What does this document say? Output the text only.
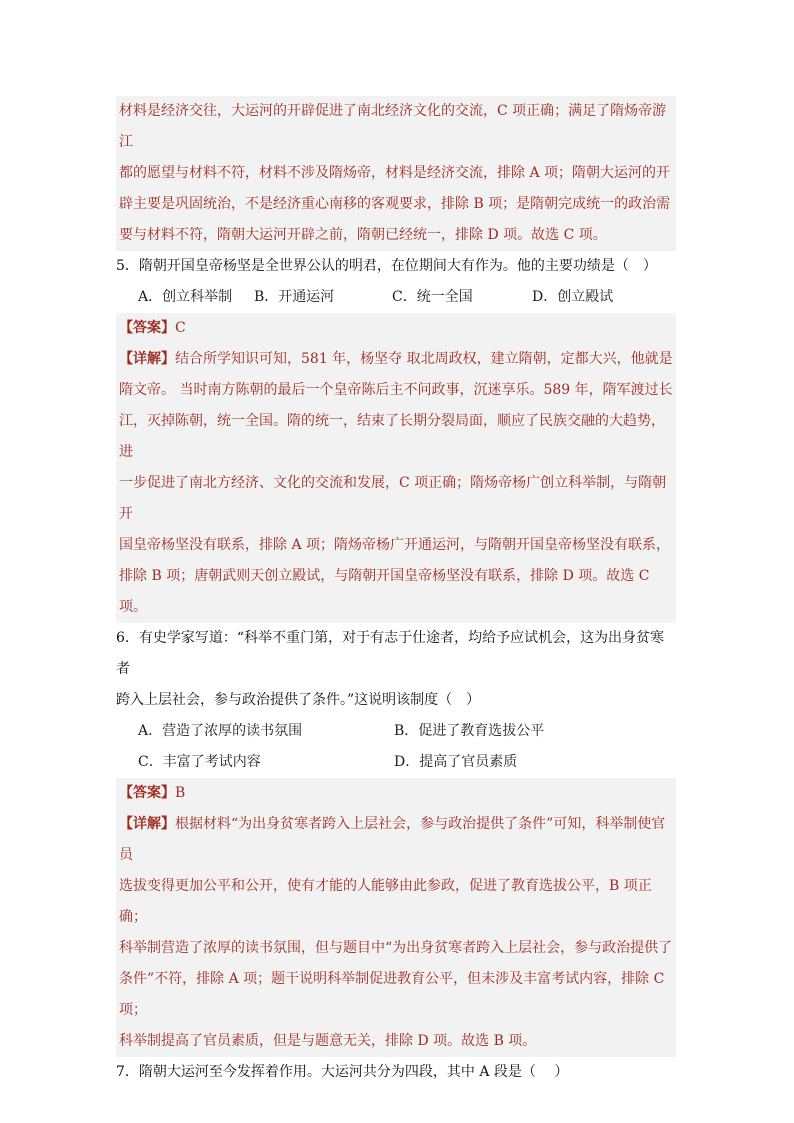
材料是经济交往，大运河的开辟促进了南北经济文化的交流，C 项正确；满足了隋炀帝游江

都的愿望与材料不符，材料不涉及隋炀帝，材料是经济交流，排除 A 项；隋朝大运河的开

辟主要是巩固统治，不是经济重心南移的客观要求，排除 B 项；是隋朝完成统一的政治需

要与材料不符，隋朝大运河开辟之前，隋朝已经统一，排除 D 项。故选 C 项。

5．隋朝开国皇帝杨坚是全世界公认的明君，在位期间大有作为。他的主要功绩是（　）

A．创立科举制	B．开通运河	C．统一全国	D．创立殿试

【答案】C

【详解】结合所学知识可知，581 年，杨坚夺 取北周政权，建立隋朝，定都大兴，他就是

隋文帝。 当时南方陈朝的最后一个皇帝陈后主不问政事，沉迷享乐。589 年，隋军渡过长

江，灭掉陈朝，统一全国。隋的统一，结束了长期分裂局面，顺应了民族交融的大趋势，进

一步促进了南北方经济、文化的交流和发展，C 项正确；隋炀帝杨广创立科举制，与隋朝开

国皇帝杨坚没有联系，排除 A 项；隋炀帝杨广开通运河，与隋朝开国皇帝杨坚没有联系，

排除 B 项；唐朝武则天创立殿试，与隋朝开国皇帝杨坚没有联系，排除 D 项。故选 C 项。

6．有史学家写道：“科举不重门第，对于有志于仕途者，均给予应试机会，这为出身贫寒者

跨入上层社会，参与政治提供了条件。”这说明该制度（　）

A．营造了浓厚的读书氛围	B．促进了教育选拔公平
C．丰富了考试内容	D．提高了官员素质

【答案】B

【详解】根据材料“为出身贫寒者跨入上层社会，参与政治提供了条件”可知，科举制使官员

选拔变得更加公平和公开，使有才能的人能够由此参政，促进了教育选拔公平，B 项正确；

科举制营造了浓厚的读书氛围，但与题目中“为出身贫寒者跨入上层社会，参与政治提供了

条件”不符，排除 A 项；题干说明科举制促进教育公平，但未涉及丰富考试内容，排除 C 项；

科举制提高了官员素质，但是与题意无关，排除 D 项。故选 B 项。

7．隋朝大运河至今发挥着作用。大运河共分为四段，其中 A 段是（　 ）
